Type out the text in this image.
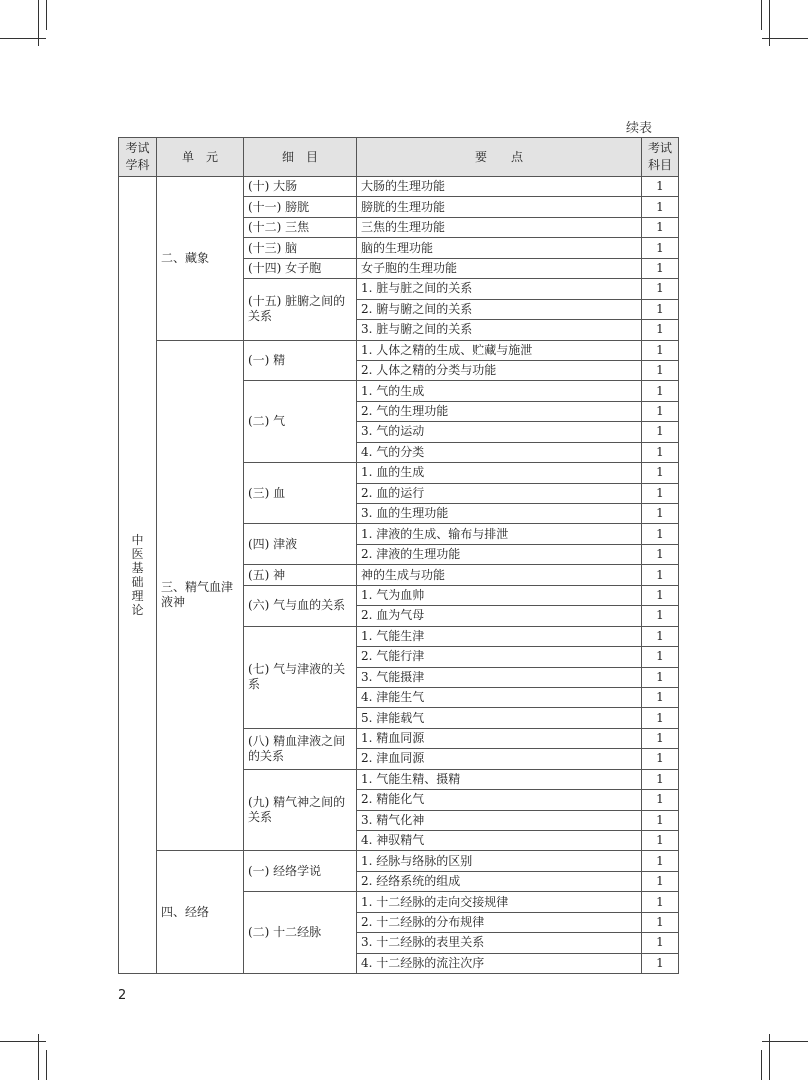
续表
考试学科	单　元	细　目	要　　点	考试科目

中医基础理论	二、藏象	(十) 大肠	大肠的生理功能	1
		(十一) 膀胱	膀胱的生理功能	1
		(十二) 三焦	三焦的生理功能	1
		(十三) 脑	脑的生理功能	1
		(十四) 女子胞	女子胞的生理功能	1
		(十五) 脏腑之间的关系	1. 脏与脏之间的关系	1
			2. 腑与腑之间的关系	1
			3. 脏与腑之间的关系	1
	三、精气血津液神	(一) 精	1. 人体之精的生成、贮藏与施泄	1
			2. 人体之精的分类与功能	1
		(二) 气	1. 气的生成	1
			2. 气的生理功能	1
			3. 气的运动	1
			4. 气的分类	1
		(三) 血	1. 血的生成	1
			2. 血的运行	1
			3. 血的生理功能	1
		(四) 津液	1. 津液的生成、输布与排泄	1
			2. 津液的生理功能	1
		(五) 神	神的生成与功能	1
		(六) 气与血的关系	1. 气为血帅	1
			2. 血为气母	1
		(七) 气与津液的关系	1. 气能生津	1
			2. 气能行津	1
			3. 气能摄津	1
			4. 津能生气	1
			5. 津能载气	1
		(八) 精血津液之间的关系	1. 精血同源	1
			2. 津血同源	1
		(九) 精气神之间的关系	1. 气能生精、摄精	1
			2. 精能化气	1
			3. 精气化神	1
			4. 神驭精气	1
	四、经络	(一) 经络学说	1. 经脉与络脉的区别	1
			2. 经络系统的组成	1
		(二) 十二经脉	1. 十二经脉的走向交接规律	1
			2. 十二经脉的分布规律	1
			3. 十二经脉的表里关系	1
			4. 十二经脉的流注次序	1
2
